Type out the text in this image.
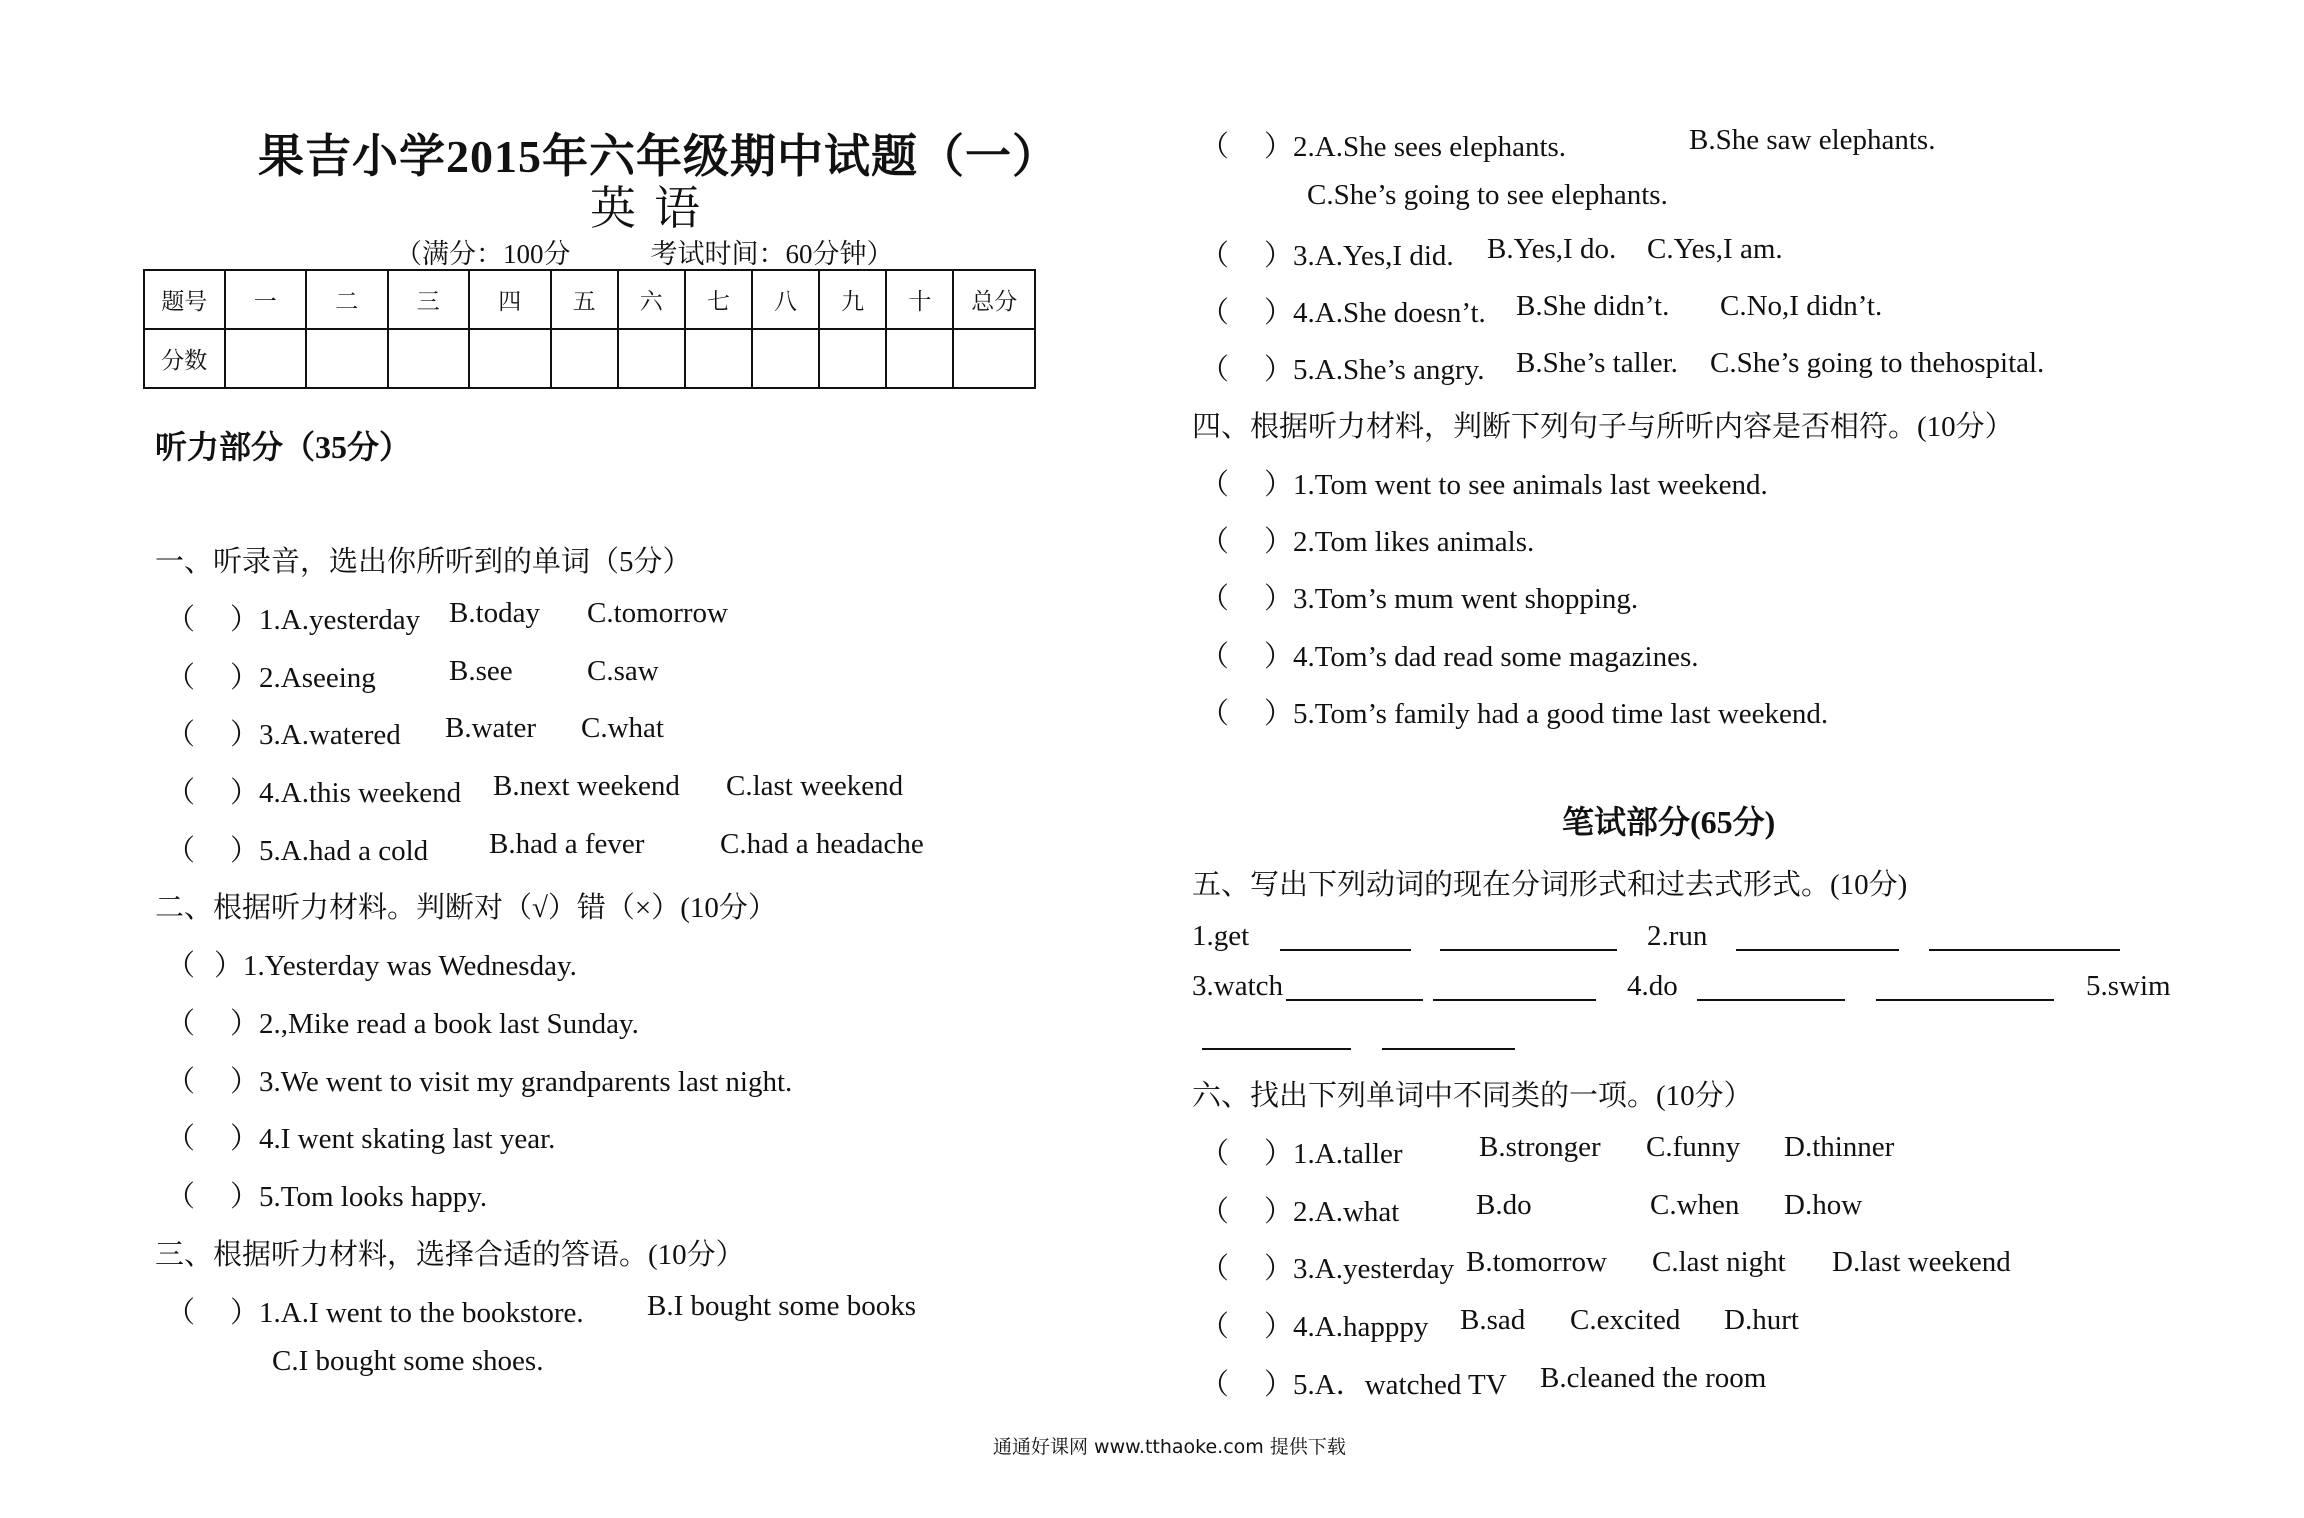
果吉小学2015年六年级期中试题（一）
英语
（满分：100分	考试时间：60分钟）
题号	一	二	三	四	五	六	七	八	九	十	总分
分数											
听力部分（35分）
一、听录音，选出你所听到的单词（5分）
（ ）1.A.yesterday B.today C.tomorrow
（ ）2.Aseeing	B.see	C.saw
（ ）3.A.watered B.water C.what
（ ）4.A.this weekend B.next weekend C.last weekend
（ ）5.A.had a cold B.had a fever	C.had a headache
二、根据听力材料。判断对（√）错（×）(10分）
（ ）1.Yesterday was Wednesday.
（ ）2.,Mike read a book last Sunday.
（ ）3.We went to visit my grandparents last night.
（ ）4.I went skating last year.
（ ）5.Tom looks happy.
三、根据听力材料，选择合适的答语。(10分）
（ ）1.A.I went to the bookstore. B.I bought some books
C.I bought some shoes.
（ ）2.A.She sees elephants.	B.She saw elephants.
C.She’s going to see elephants.
（ ）3.A.Yes,I did. B.Yes,I do. C.Yes,I am.
（ ）4.A.She doesn’t. B.She didn’t. C.No,I didn’t.
（ ）5.A.She’s angry. B.She’s taller. C.She’s going to thehospital.
四、根据听力材料，判断下列句子与所听内容是否相符。(10分）
（ ）1.Tom went to see animals last weekend.
（ ）2.Tom likes animals.
（ ）3.Tom’s mum went shopping.
（ ）4.Tom’s dad read some magazines.
（ ）5.Tom’s family had a good time last weekend.
笔试部分(65分)
五、写出下列动词的现在分词形式和过去式形式。(10分)
1.get	2.run
3.watch	4.do	5.swim
六、找出下列单词中不同类的一项。(10分）
（ ）1.A.taller	B.stronger C.funny D.thinner
（ ）2.A.what	B.do	C.when D.how
（ ）3.A.yesterday B.tomorrow C.last night D.last weekend
（ ）4.A.happpy B.sad C.excited D.hurt
（ ）5.A．watched TV B.cleaned the room
通通好课网 www.tthaoke.com 提供下载
